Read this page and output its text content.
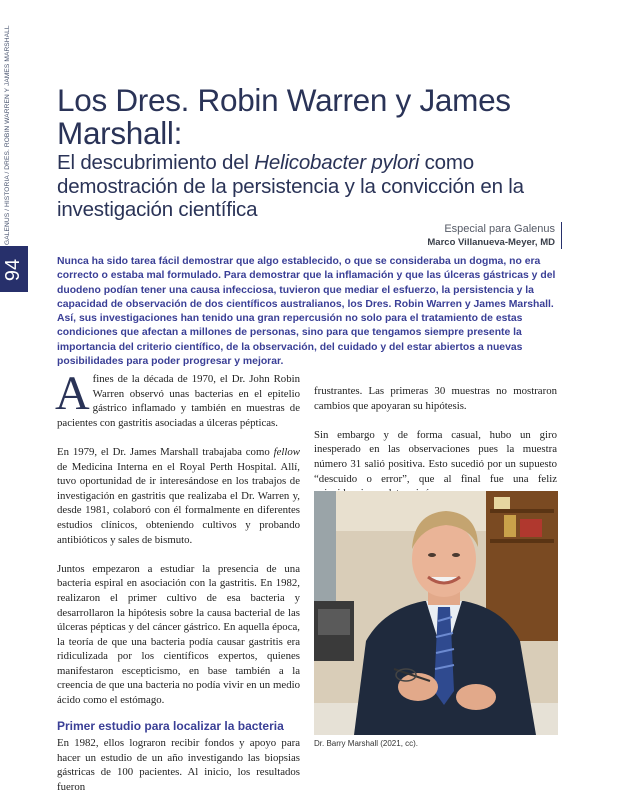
GALENUS / HISTORIA / DRES. ROBIN WARREN Y JAMES MARSHALL
94
Los Dres. Robin Warren y James Marshall:
El descubrimiento del Helicobacter pylori como demostración de la persistencia y la convicción en la investigación científica
Especial para Galenus
Marco Villanueva-Meyer, MD
Nunca ha sido tarea fácil demostrar que algo establecido, o que se consideraba un dogma, no era correcto o estaba mal formulado. Para demostrar que la inflamación y que las úlceras gástricas y del duodeno podían tener una causa infecciosa, tuvieron que mediar el esfuerzo, la persistencia y la capacidad de observación de dos científicos australianos, los Dres. Robin Warren y James Marshall. Así, sus investigaciones han tenido una gran repercusión no solo para el tratamiento de estas condiciones que afectan a millones de personas, sino para que tengamos siempre presente la importancia del criterio científico, de la observación, del cuidado y del estar abiertos a nuevas posibilidades para poder progresar y mejorar.

Afines de la década de 1970, el Dr. John Robin Warren observó unas bacterias en el epitelio gástrico inflamado y también en muestras de pacientes con gastritis asociadas a úlceras pépticas.

En 1979, el Dr. James Marshall trabajaba como fellow de Medicina Interna en el Royal Perth Hospital. Allí, tuvo oportunidad de ir interesándose en los trabajos de investigación en gastritis que realizaba el Dr. Warren y, desde 1981, colaboró con él formalmente en diferentes estudios clínicos, obteniendo cultivos y probando antibióticos y sales de bismuto.

Juntos empezaron a estudiar la presencia de una bacteria espiral en asociación con la gastritis. En 1982, realizaron el primer cultivo de esa bacteria y desarrollaron la hipótesis sobre la causa bacterial de las úlceras pépticas y del cáncer gástrico. En aquella época, la teoría de que una bacteria podía causar gastritis era ridiculizada por los científicos expertos, quienes manifestaron escepticismo, en base también a la creencia de que una bacteria no podía vivir en un medio ácido como el estómago.

Primer estudio para localizar la bacteria

En 1982, ellos lograron recibir fondos y apoyo para hacer un estudio de un año investigando las biopsias gástricas de 100 pacientes. Al inicio, los resultados fueron

frustrantes. Las primeras 30 muestras no mostraron cambios que apoyaran su hipótesis.

Sin embargo y de forma casual, hubo un giro inesperado en las observaciones pues la muestra número 31 salió positiva. Esto sucedió por un supuesto “descuido o error”, que al final fue una feliz

Dr. Barry Marshall (2021, cc).
